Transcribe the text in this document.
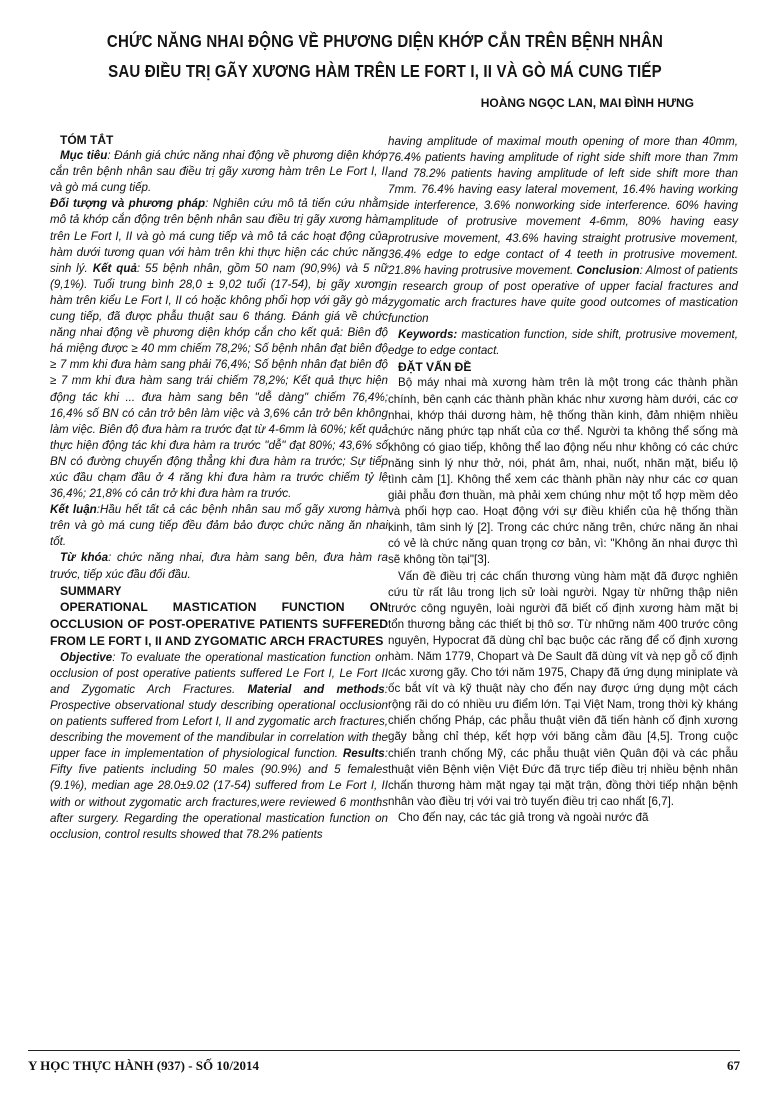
CHỨC NĂNG NHAI ĐỘNG VỀ PHƯƠNG DIỆN KHỚP CẮN TRÊN BỆNH NHÂN
SAU ĐIỀU TRỊ GÃY XƯƠNG HÀM TRÊN LE FORT I, II VÀ GÒ MÁ CUNG TIẾP
HOÀNG NGỌC LAN, MAI ĐÌNH HƯNG

TÓM TẮT

Mục tiêu: Đánh giá chức năng nhai động về phương diện khớp cắn trên bệnh nhân sau điều trị gãy xương hàm trên Le Fort I, II và gò má cung tiếp.

Đối tượng và phương pháp: Nghiên cứu mô tả tiến cứu nhằm mô tả khớp cắn động trên bệnh nhân sau điều trị gãy xương hàm trên Le Fort I, II và gò má cung tiếp và mô tả các hoạt động của hàm dưới tương quan với hàm trên khi thực hiện các chức năng sinh lý. Kết quả: 55 bệnh nhân, gồm 50 nam (90,9%) và 5 nữ (9,1%). Tuổi trung bình 28,0 ± 9,02 tuổi (17-54), bị gãy xương hàm trên kiểu Le Fort I, II có hoặc không phối hợp với gãy gò má cung tiếp, đã được phẫu thuật sau 6 tháng. Đánh giá về chức năng nhai động về phương diện khớp cắn cho kết quả: Biên độ há miệng được ≥ 40 mm chiếm 78,2%; Số bệnh nhân đạt biên độ ≥ 7 mm khi đưa hàm sang phải 76,4%; Số bệnh nhân đạt biên độ ≥ 7 mm khi đưa hàm sang trái chiếm 78,2%; Kết quả thực hiện động tác khi ... đưa hàm sang bên "dễ dàng" chiếm 76,4%; 16,4% số BN có cản trở bên làm việc và 3,6% cản trở bên không làm việc. Biên độ đưa hàm ra trước đạt từ 4-6mm là 60%; kết quả thực hiện động tác khi đưa hàm ra trước "dễ" đạt 80%; 43,6% số BN có đường chuyển động thẳng khi đưa hàm ra trước; Sự tiếp xúc đầu chạm đầu ở 4 răng khi đưa hàm ra trước chiếm tỷ lệ 36,4%; 21,8% có cản trở khi đưa hàm ra trước.

Kết luận:Hầu hết tất cả các bệnh nhân sau mổ gãy xương hàm trên và gò má cung tiếp đều đảm bảo được chức năng ăn nhai tốt.

Từ khóa: chức năng nhai, đưa hàm sang bên, đưa hàm ra trước, tiếp xúc đầu đối đầu.

SUMMARY

OPERATIONAL MASTICATION FUNCTION ON OCCLUSION OF POST-OPERATIVE PATIENTS SUFFERED FROM LE FORT I, II AND ZYGOMATIC ARCH FRACTURES

Objective: To evaluate the operational mastication function on occlusion of post operative patients suffered Le Fort I, Le Fort II and Zygomatic Arch Fractures. Material and methods: Prospective observational study describing operational occlusion on patients suffered from Lefort I, II and zygomatic arch fractures, describing the movement of the mandibular in correlation with the upper face in implementation of physiological function. Results: Fifty five patients including 50 males (90.9%) and 5 females (9.1%), median age 28.0±9.02 (17-54) suffered from Le Fort I, II with or without zygomatic arch fractures,were reviewed 6 months after surgery. Regarding the operational mastication function on occlusion, control results showed that 78.2% patients

having amplitude of maximal mouth opening of more than 40mm, 76.4% patients having amplitude of right side shift more than 7mm and 78.2% patients having amplitude of left side shift more than 7mm. 76.4% having easy lateral movement, 16.4% having working side interference, 3.6% nonworking side interference. 60% having amplitude of protrusive movement 4-6mm, 80% having easy protrusive movement, 43.6% having straight protrusive movement, 36.4% edge to edge contact of 4 teeth in protrusive movement. 21.8% having protrusive movement. Conclusion: Almost of patients in research group of post operative of upper facial fractures and zygomatic arch fractures have quite good outcomes of mastication function

Keywords: mastication function, side shift, protrusive movement, edge to edge contact.

ĐẶT VẤN ĐỀ

Bộ máy nhai mà xương hàm trên là một trong các thành phần chính, bên cạnh các thành phần khác như xương hàm dưới, các cơ nhai, khớp thái dương hàm, hệ thống thần kinh, đảm nhiệm nhiều chức năng phức tạp nhất của cơ thể. Người ta không thể sống mà không có giao tiếp, không thể lao động nếu như không có các chức năng sinh lý như thở, nói, phát âm, nhai, nuốt, nhăn mặt, biểu lộ tình cảm [1]. Không thể xem các thành phần này như các cơ quan giải phẫu đơn thuần, mà phải xem chúng như một tổ hợp mềm dẻo và phối hợp cao. Hoạt động với sự điều khiển của hệ thống thần kinh, tâm sinh lý [2]. Trong các chức năng trên, chức năng ăn nhai có vẻ là chức năng quan trọng cơ bản, vì: "Không ăn nhai được thì sẽ không tồn tại"[3].

Vấn đề điều trị các chấn thương vùng hàm mặt đã được nghiên cứu từ rất lâu trong lịch sử loài người. Ngay từ những thập niên trước công nguyên, loài người đã biết cố định xương hàm mặt bị tổn thương bằng các thiết bị thô sơ. Từ những năm 400 trước công nguyên, Hypocrat đã dùng chỉ bạc buộc các răng để cố định xương hàm. Năm 1779, Chopart và De Sault đã dùng vít và nẹp gỗ cố định các xương gãy. Cho tới năm 1975, Chapy đã ứng dụng miniplate và ốc bắt vít và kỹ thuật này cho đến nay được ứng dụng một cách rộng rãi do có nhiều ưu điểm lớn. Tại Việt Nam, trong thời kỳ kháng chiến chống Pháp, các phẫu thuật viên đã tiến hành cố định xương gãy bằng chỉ thép, kết hợp với băng cằm đầu [4,5]. Trong cuộc chiến tranh chống Mỹ, các phẫu thuật viên Quân đội và các phẫu thuật viên Bệnh viện Việt Đức đã trực tiếp điều trị nhiều bệnh nhân chấn thương hàm mặt ngay tại mặt trận, đồng thời tiếp nhận bệnh nhân vào điều trị với vai trò tuyến điều trị cao nhất [6,7].

Cho đến nay, các tác giả trong và ngoài nước đã

Y HỌC THỰC HÀNH (937) - SỐ 10/2014	67
